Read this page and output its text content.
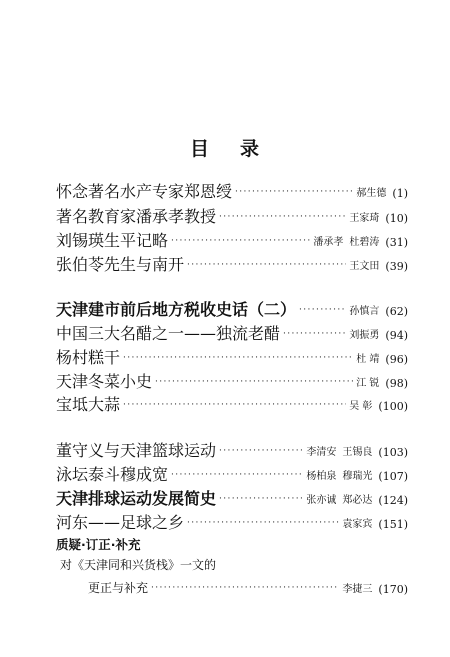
目 录
怀念著名水产专家郑恩绶 ·····	郝生德 (1)
著名教育家潘承孝教授 ·····	王家琦 (10)
刘锡瑛生平记略 ·····	潘承孝 杜碧涛 (31)
张伯苓先生与南开 ·····	王文田 (39)
天津建市前后地方税收史话（二） ·····	孙慎言 (62)
中国三大名醋之一——独流老醋 ·····	刘振勇 (94)
杨村糕干 ·····	杜 靖 (96)
天津冬菜小史 ·····	江 锐 (98)
宝坻大蒜 ·····	吴 彰 (100)
董守义与天津篮球运动 ·····	李清安 王锡良 (103)
泳坛泰斗穆成宽 ·····	杨柏泉 穆瑞光 (107)
天津排球运动发展简史 ·····	张亦诚 郑必达 (124)
河东——足球之乡 ·····	袁家宾 (151)
质疑·订正·补充
对《天津同和兴货栈》一文的
更正与补充 ·····	李捷三 (170)
